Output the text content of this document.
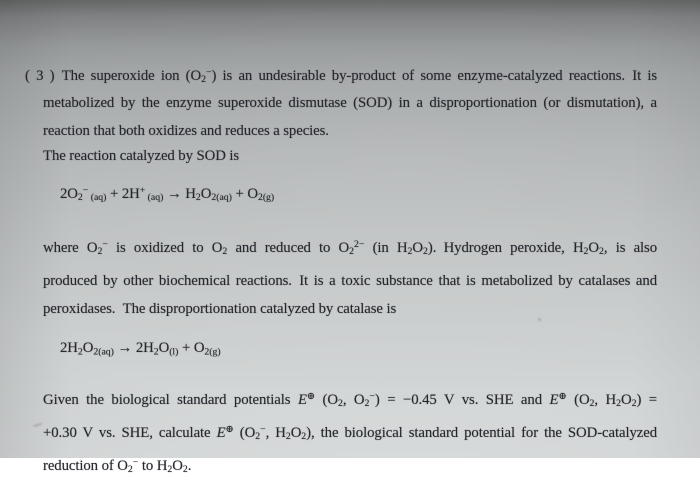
( 3 ) The superoxide ion (O2−) is an undesirable by-product of some enzyme-catalyzed reactions. It is
metabolized by the enzyme superoxide dismutase (SOD) in a disproportionation (or dismutation), a
reaction that both oxidizes and reduces a species.
The reaction catalyzed by SOD is
2O2− (aq) + 2H+ (aq) → H2O2(aq) + O2(g)
where O2− is oxidized to O2 and reduced to $O2^{2-}$ (in H2O2). Hydrogen peroxide, H2O2, is also
produced by other biochemical reactions. It is a toxic substance that is metabolized by catalases and
peroxidases. The disproportionation catalyzed by catalase is
2H2O2(aq) → 2H2O(l) + O2(g)
Given the biological standard potentials E⊕ (O2, O2−) = −0.45 V vs. SHE and E⊕ (O2, H2O2) =
+0.30 V vs. SHE, calculate E⊕ (O2−, H2O2), the biological standard potential for the SOD-catalyzed
reduction of O2− to H2O2.
